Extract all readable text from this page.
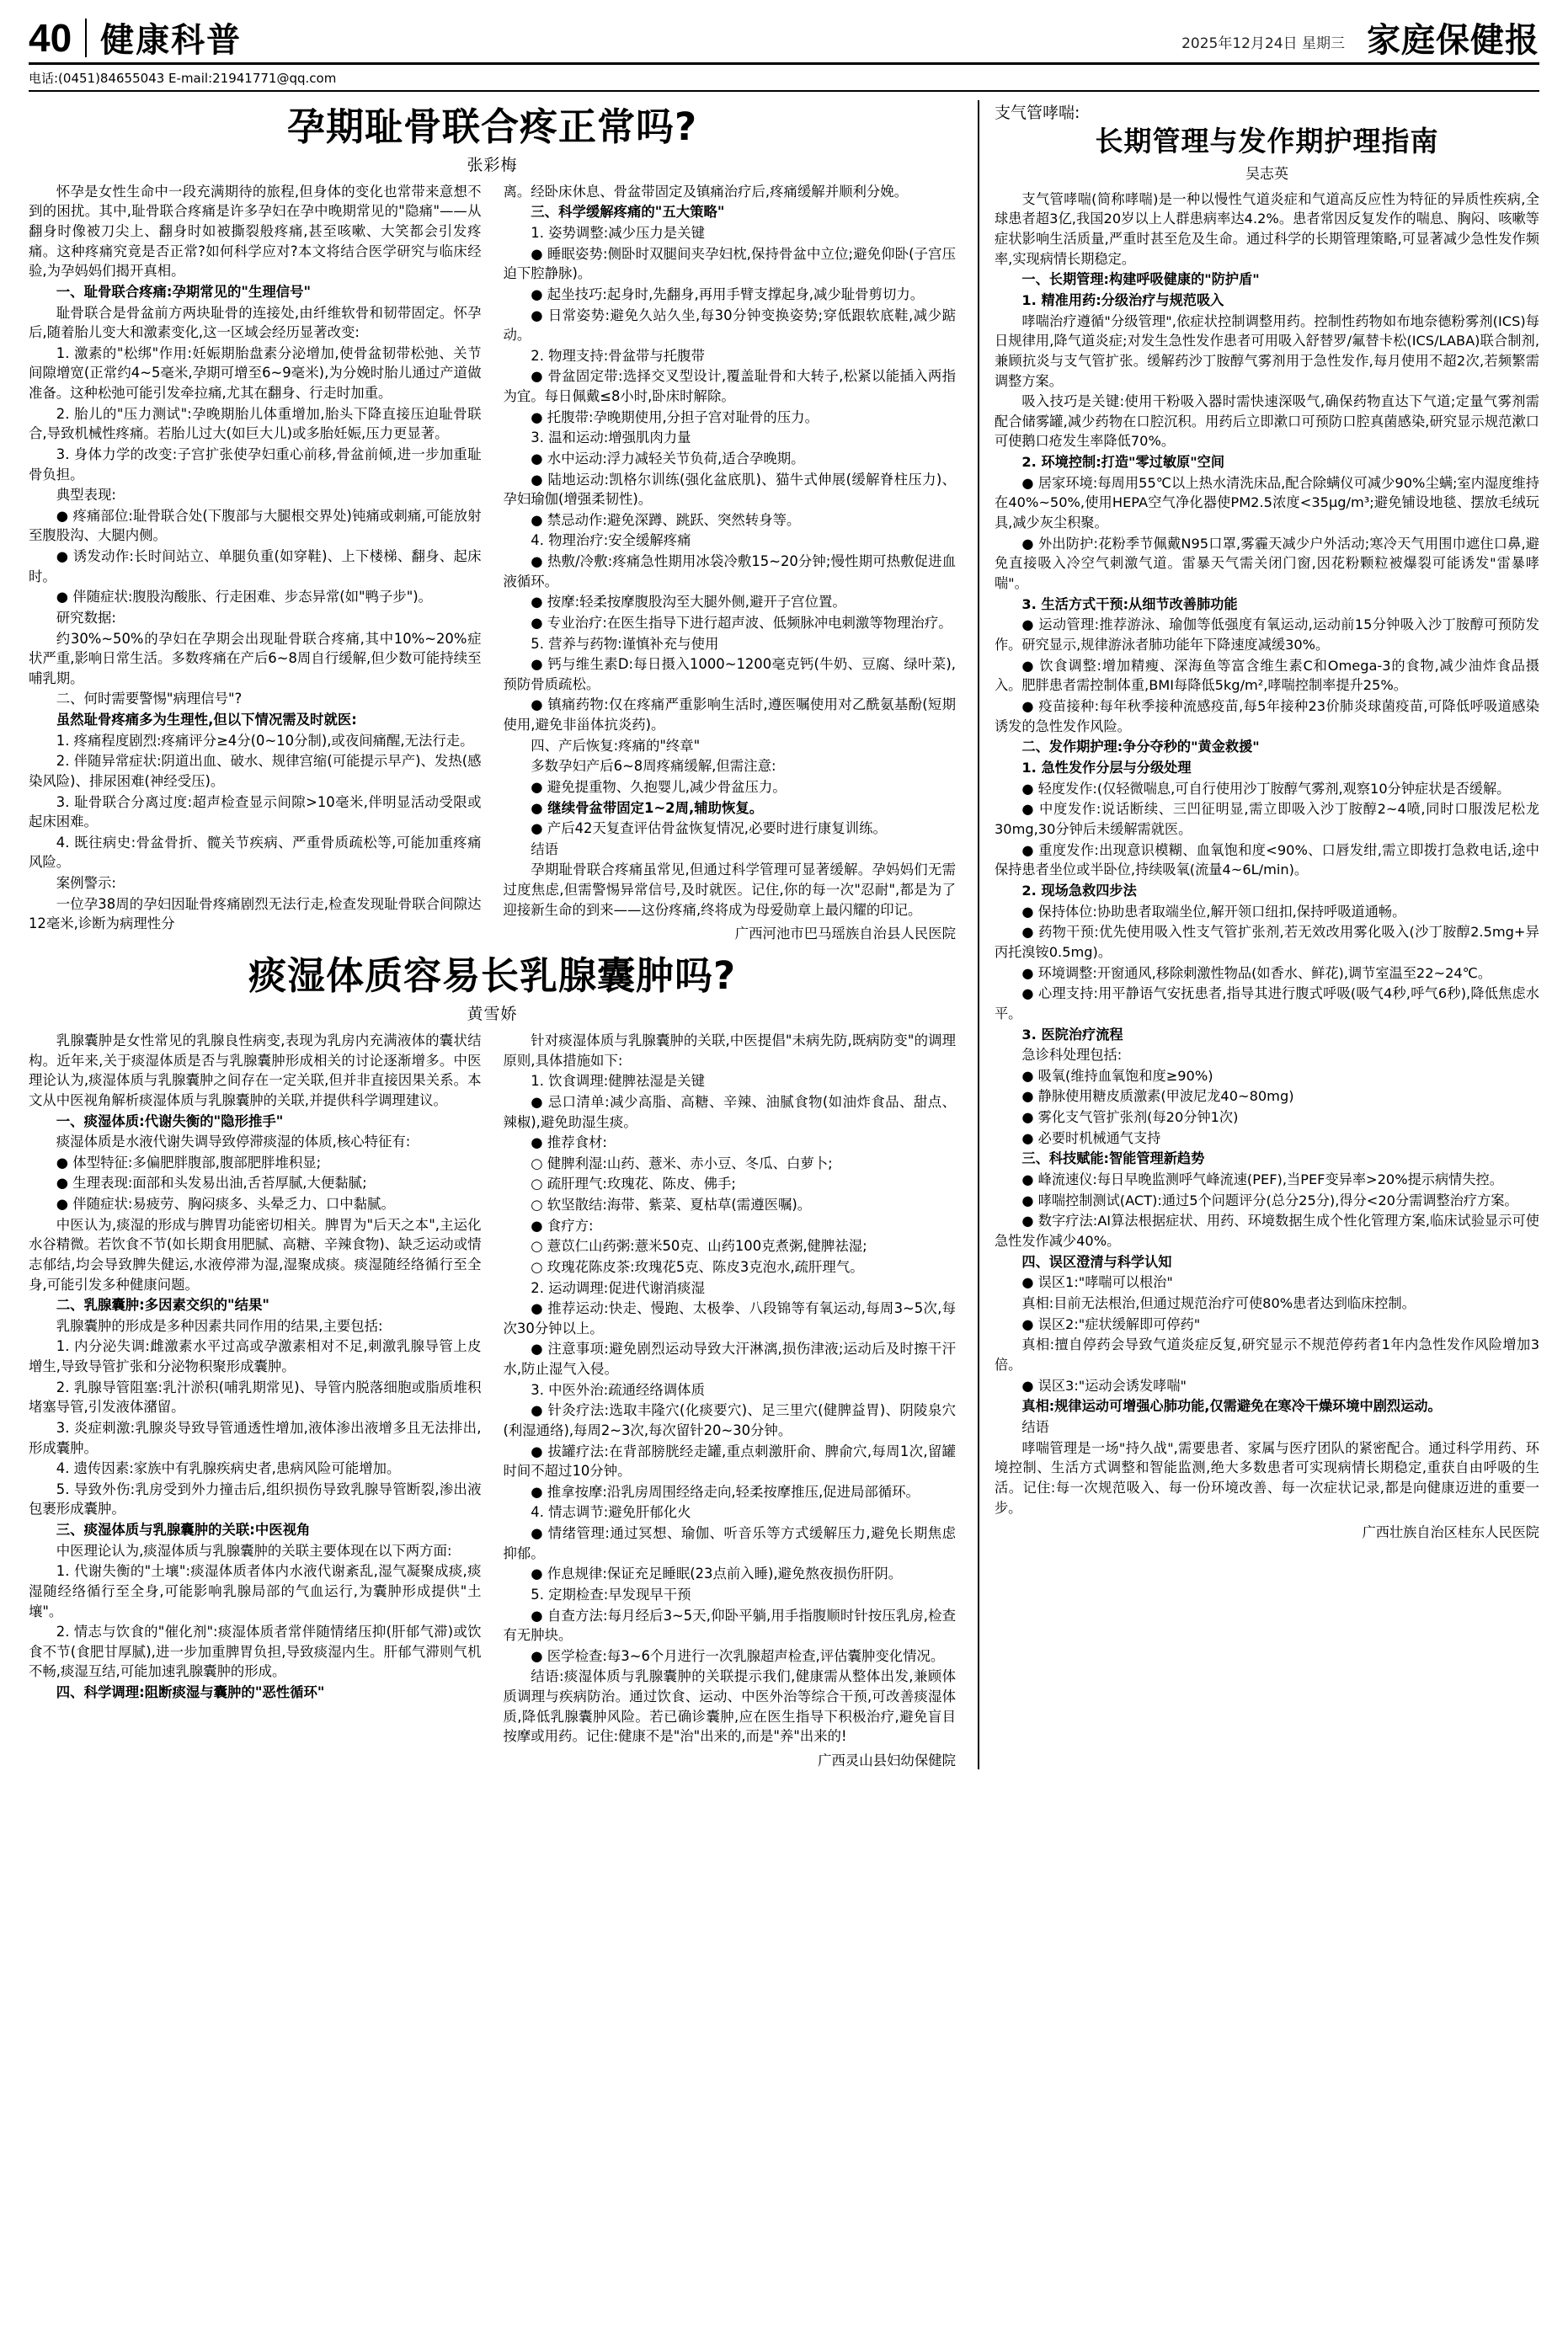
40 健康科普	2025年12月24日 星期三 家庭保健报
电话:(0451)84655043 E-mail:21941771@qq.com
孕期耻骨联合疼正常吗?
张彩梅

怀孕是女性生命中一段充满期待的旅程,但身体的变化也常带来意想不到的困扰。其中,耻骨联合疼痛是许多孕妇在孕中晚期常见的"隐痛"——从翻身时像被刀尖上、翻身时如被撕裂般疼痛,甚至咳嗽、大笑都会引发疼痛。这种疼痛究竟是否正常?如何科学应对?本文将结合医学研究与临床经验,为孕妈妈们揭开真相。

一、耻骨联合疼痛:孕期常见的"生理信号"

耻骨联合是骨盆前方两块耻骨的连接处,由纤维软骨和韧带固定。怀孕后,随着胎儿变大和激素变化,这一区域会经历显著改变:

1. 激素的"松绑"作用:妊娠期胎盘素分泌增加,使骨盆韧带松弛、关节间隙增宽(正常约4~5毫米,孕期可增至6~9毫米),为分娩时胎儿通过产道做准备。这种松弛可能引发牵拉痛,尤其在翻身、行走时加重。

2. 胎儿的"压力测试":孕晚期胎儿体重增加,胎头下降直接压迫耻骨联合,导致机械性疼痛。若胎儿过大(如巨大儿)或多胎妊娠,压力更显著。

3. 身体力学的改变:子宫扩张使孕妇重心前移,骨盆前倾,进一步加重耻骨负担。

典型表现:

● 疼痛部位:耻骨联合处(下腹部与大腿根交界处)钝痛或刺痛,可能放射至腹股沟、大腿内侧。

● 诱发动作:长时间站立、单腿负重(如穿鞋)、上下楼梯、翻身、起床时。

● 伴随症状:腹股沟酸胀、行走困难、步态异常(如"鸭子步")。

研究数据:

约30%~50%的孕妇在孕期会出现耻骨联合疼痛,其中10%~20%症状严重,影响日常生活。多数疼痛在产后6~8周自行缓解,但少数可能持续至哺乳期。

二、何时需要警惕"病理信号"?

虽然耻骨疼痛多为生理性,但以下情况需及时就医:

1. 疼痛程度剧烈:疼痛评分≥4分(0~10分制),或夜间痛醒,无法行走。

2. 伴随异常症状:阴道出血、破水、规律宫缩(可能提示早产)、发热(感染风险)、排尿困难(神经受压)。

3. 耻骨联合分离过度:超声检查显示间隙>10毫米,伴明显活动受限或起床困难。

4. 既往病史:骨盆骨折、髋关节疾病、严重骨质疏松等,可能加重疼痛风险。

案例警示:

一位孕38周的孕妇因耻骨疼痛剧烈无法行走,检查发现耻骨联合间隙达12毫米,诊断为病理性分

离。经卧床休息、骨盆带固定及镇痛治疗后,疼痛缓解并顺利分娩。

三、科学缓解疼痛的"五大策略"

1. 姿势调整:减少压力是关键

● 睡眠姿势:侧卧时双腿间夹孕妇枕,保持骨盆中立位;避免仰卧(子宫压迫下腔静脉)。

● 起坐技巧:起身时,先翻身,再用手臂支撑起身,减少耻骨剪切力。

● 日常姿势:避免久站久坐,每30分钟变换姿势;穿低跟软底鞋,减少踮动。

2. 物理支持:骨盆带与托腹带

● 骨盆固定带:选择交叉型设计,覆盖耻骨和大转子,松紧以能插入两指为宜。每日佩戴≤8小时,卧床时解除。

● 托腹带:孕晚期使用,分担子宫对耻骨的压力。

3. 温和运动:增强肌肉力量

● 水中运动:浮力减轻关节负荷,适合孕晚期。

● 陆地运动:凯格尔训练(强化盆底肌)、猫牛式伸展(缓解脊柱压力)、孕妇瑜伽(增强柔韧性)。

● 禁忌动作:避免深蹲、跳跃、突然转身等。

4. 物理治疗:安全缓解疼痛

● 热敷/冷敷:疼痛急性期用冰袋冷敷15~20分钟;慢性期可热敷促进血液循环。

● 按摩:轻柔按摩腹股沟至大腿外侧,避开子宫位置。

● 专业治疗:在医生指导下进行超声波、低频脉冲电刺激等物理治疗。

5. 营养与药物:谨慎补充与使用

● 钙与维生素D:每日摄入1000~1200毫克钙(牛奶、豆腐、绿叶菜),预防骨质疏松。

● 镇痛药物:仅在疼痛严重影响生活时,遵医嘱使用对乙酰氨基酚(短期使用,避免非甾体抗炎药)。

四、产后恢复:疼痛的"终章"

多数孕妇产后6~8周疼痛缓解,但需注意:

● 避免提重物、久抱婴儿,减少骨盆压力。

● 继续骨盆带固定1~2周,辅助恢复。

● 产后42天复查评估骨盆恢复情况,必要时进行康复训练。

结语

孕期耻骨联合疼痛虽常见,但通过科学管理可显著缓解。孕妈妈们无需过度焦虑,但需警惕异常信号,及时就医。记住,你的每一次"忍耐",都是为了迎接新生命的到来——这份疼痛,终将成为母爱勋章上最闪耀的印记。

广西河池市巴马瑶族自治县人民医院
痰湿体质容易长乳腺囊肿吗?
黄雪娇

乳腺囊肿是女性常见的乳腺良性病变,表现为乳房内充满液体的囊状结构。近年来,关于痰湿体质是否与乳腺囊肿形成相关的讨论逐渐增多。中医理论认为,痰湿体质与乳腺囊肿之间存在一定关联,但并非直接因果关系。本文从中医视角解析痰湿体质与乳腺囊肿的关联,并提供科学调理建议。

一、痰湿体质:代谢失衡的"隐形推手"

痰湿体质是水液代谢失调导致停滞痰湿的体质,核心特征有:

● 体型特征:多偏肥胖腹部,腹部肥胖堆积显;

● 生理表现:面部和头发易出油,舌苔厚腻,大便黏腻;

● 伴随症状:易疲劳、胸闷痰多、头晕乏力、口中黏腻。

中医认为,痰湿的形成与脾胃功能密切相关。脾胃为"后天之本",主运化水谷精微。若饮食不节(如长期食用肥腻、高糖、辛辣食物)、缺乏运动或情志郁结,均会导致脾失健运,水液停滞为湿,湿聚成痰。痰湿随经络循行至全身,可能引发多种健康问题。

二、乳腺囊肿:多因素交织的"结果"

乳腺囊肿的形成是多种因素共同作用的结果,主要包括:

1. 内分泌失调:雌激素水平过高或孕激素相对不足,刺激乳腺导管上皮增生,导致导管扩张和分泌物积聚形成囊肿。

2. 乳腺导管阻塞:乳汁淤积(哺乳期常见)、导管内脱落细胞或脂质堆积堵塞导管,引发液体潴留。

3. 炎症刺激:乳腺炎导致导管通透性增加,液体渗出液增多且无法排出,形成囊肿。

4. 遗传因素:家族中有乳腺疾病史者,患病风险可能增加。

5. 导致外伤:乳房受到外力撞击后,组织损伤导致乳腺导管断裂,渗出液包裹形成囊肿。

三、痰湿体质与乳腺囊肿的关联:中医视角

中医理论认为,痰湿体质与乳腺囊肿的关联主要体现在以下两方面:

1. 代谢失衡的"土壤":痰湿体质者体内水液代谢紊乱,湿气凝聚成痰,痰湿随经络循行至全身,可能影响乳腺局部的气血运行,为囊肿形成提供"土壤"。

2. 情志与饮食的"催化剂":痰湿体质者常伴随情绪压抑(肝郁气滞)或饮食不节(食肥甘厚腻),进一步加重脾胃负担,导致痰湿内生。肝郁气滞则气机不畅,痰湿互结,可能加速乳腺囊肿的形成。

四、科学调理:阻断痰湿与囊肿的"恶性循环"

针对痰湿体质与乳腺囊肿的关联,中医提倡"未病先防,既病防变"的调理原则,具体措施如下:

1. 饮食调理:健脾祛湿是关键

● 忌口清单:减少高脂、高糖、辛辣、油腻食物(如油炸食品、甜点、辣椒),避免助湿生痰。

● 推荐食材:

○ 健脾利湿:山药、薏米、赤小豆、冬瓜、白萝卜;

○ 疏肝理气:玫瑰花、陈皮、佛手;

○ 软坚散结:海带、紫菜、夏枯草(需遵医嘱)。

● 食疗方:

○ 薏苡仁山药粥:薏米50克、山药100克煮粥,健脾祛湿;

○ 玫瑰花陈皮茶:玫瑰花5克、陈皮3克泡水,疏肝理气。

2. 运动调理:促进代谢消痰湿

● 推荐运动:快走、慢跑、太极拳、八段锦等有氧运动,每周3~5次,每次30分钟以上。

● 注意事项:避免剧烈运动导致大汗淋漓,损伤津液;运动后及时擦干汗水,防止湿气入侵。

3. 中医外治:疏通经络调体质

● 针灸疗法:选取丰隆穴(化痰要穴)、足三里穴(健脾益胃)、阴陵泉穴(利湿通络),每周2~3次,每次留针20~30分钟。

● 拔罐疗法:在背部膀胱经走罐,重点刺激肝俞、脾俞穴,每周1次,留罐时间不超过10分钟。

● 推拿按摩:沿乳房周围经络走向,轻柔按摩推压,促进局部循环。

4. 情志调节:避免肝郁化火

● 情绪管理:通过冥想、瑜伽、听音乐等方式缓解压力,避免长期焦虑抑郁。

● 作息规律:保证充足睡眠(23点前入睡),避免熬夜损伤肝阴。

5. 定期检查:早发现早干预

● 自查方法:每月经后3~5天,仰卧平躺,用手指腹顺时针按压乳房,检查有无肿块。

● 医学检查:每3~6个月进行一次乳腺超声检查,评估囊肿变化情况。

结语:痰湿体质与乳腺囊肿的关联提示我们,健康需从整体出发,兼顾体质调理与疾病防治。通过饮食、运动、中医外治等综合干预,可改善痰湿体质,降低乳腺囊肿风险。若已确诊囊肿,应在医生指导下积极治疗,避免盲目按摩或用药。记住:健康不是"治"出来的,而是"养"出来的!

广西灵山县妇幼保健院
支气管哮喘:
长期管理与发作期护理指南
吴志英

支气管哮喘(简称哮喘)是一种以慢性气道炎症和气道高反应性为特征的异质性疾病,全球患者超3亿,我国20岁以上人群患病率达4.2%。患者常因反复发作的喘息、胸闷、咳嗽等症状影响生活质量,严重时甚至危及生命。通过科学的长期管理策略,可显著减少急性发作频率,实现病情长期稳定。

一、长期管理:构建呼吸健康的"防护盾"

1. 精准用药:分级治疗与规范吸入

哮喘治疗遵循"分级管理",依症状控制调整用药。控制性药物如布地奈德粉雾剂(ICS)每日规律用,降气道炎症;对发生急性发作患者可用吸入舒替罗/氟替卡松(ICS/LABA)联合制剂,兼顾抗炎与支气管扩张。缓解药沙丁胺醇气雾剂用于急性发作,每月使用不超2次,若频繁需调整方案。

吸入技巧是关键:使用干粉吸入器时需快速深吸气,确保药物直达下气道;定量气雾剂需配合储雾罐,减少药物在口腔沉积。用药后立即漱口可预防口腔真菌感染,研究显示规范漱口可使鹅口疮发生率降低70%。

2. 环境控制:打造"零过敏原"空间

● 居家环境:每周用55℃以上热水清洗床品,配合除螨仪可减少90%尘螨;室内湿度维持在40%~50%,使用HEPA空气净化器使PM2.5浓度<35μg/m³;避免铺设地毯、摆放毛绒玩具,减少灰尘积聚。

● 外出防护:花粉季节佩戴N95口罩,雾霾天减少户外活动;寒冷天气用围巾遮住口鼻,避免直接吸入冷空气刺激气道。雷暴天气需关闭门窗,因花粉颗粒被爆裂可能诱发"雷暴哮喘"。

3. 生活方式干预:从细节改善肺功能

● 运动管理:推荐游泳、瑜伽等低强度有氧运动,运动前15分钟吸入沙丁胺醇可预防发作。研究显示,规律游泳者肺功能年下降速度减缓30%。

● 饮食调整:增加精瘦、深海鱼等富含维生素C和Omega-3的食物,减少油炸食品摄入。肥胖患者需控制体重,BMI每降低5kg/m²,哮喘控制率提升25%。

● 疫苗接种:每年秋季接种流感疫苗,每5年接种23价肺炎球菌疫苗,可降低呼吸道感染诱发的急性发作风险。

二、发作期护理:争分夺秒的"黄金救援"

1. 急性发作分层与分级处理

● 轻度发作:(仅轻微喘息,可自行使用沙丁胺醇气雾剂,观察10分钟症状是否缓解。

● 中度发作:说话断续、三凹征明显,需立即吸入沙丁胺醇2~4喷,同时口服泼尼松龙30mg,30分钟后未缓解需就医。

● 重度发作:出现意识模糊、血氧饱和度<90%、口唇发绀,需立即拨打急救电话,途中保持患者坐位或半卧位,持续吸氧(流量4~6L/min)。

2. 现场急救四步法

● 保持体位:协助患者取端坐位,解开领口纽扣,保持呼吸道通畅。

● 药物干预:优先使用吸入性支气管扩张剂,若无效改用雾化吸入(沙丁胺醇2.5mg+异丙托溴铵0.5mg)。

● 环境调整:开窗通风,移除刺激性物品(如香水、鲜花),调节室温至22~24℃。

● 心理支持:用平静语气安抚患者,指导其进行腹式呼吸(吸气4秒,呼气6秒),降低焦虑水平。

3. 医院治疗流程

急诊科处理包括:

● 吸氧(维持血氧饱和度≥90%)

● 静脉使用糖皮质激素(甲波尼龙40~80mg)

● 雾化支气管扩张剂(每20分钟1次)

● 必要时机械通气支持

三、科技赋能:智能管理新趋势

● 峰流速仪:每日早晚监测呼气峰流速(PEF),当PEF变异率>20%提示病情失控。

● 哮喘控制测试(ACT):通过5个问题评分(总分25分),得分<20分需调整治疗方案。

● 数字疗法:AI算法根据症状、用药、环境数据生成个性化管理方案,临床试验显示可使急性发作减少40%。

四、误区澄清与科学认知

● 误区1:"哮喘可以根治"

真相:目前无法根治,但通过规范治疗可使80%患者达到临床控制。

● 误区2:"症状缓解即可停药"

真相:擅自停药会导致气道炎症反复,研究显示不规范停药者1年内急性发作风险增加3倍。

● 误区3:"运动会诱发哮喘"

真相:规律运动可增强心肺功能,仅需避免在寒冷干燥环境中剧烈运动。

结语

哮喘管理是一场"持久战",需要患者、家属与医疗团队的紧密配合。通过科学用药、环境控制、生活方式调整和智能监测,绝大多数患者可实现病情长期稳定,重获自由呼吸的生活。记住:每一次规范吸入、每一份环境改善、每一次症状记录,都是向健康迈进的重要一步。

广西壮族自治区桂东人民医院
